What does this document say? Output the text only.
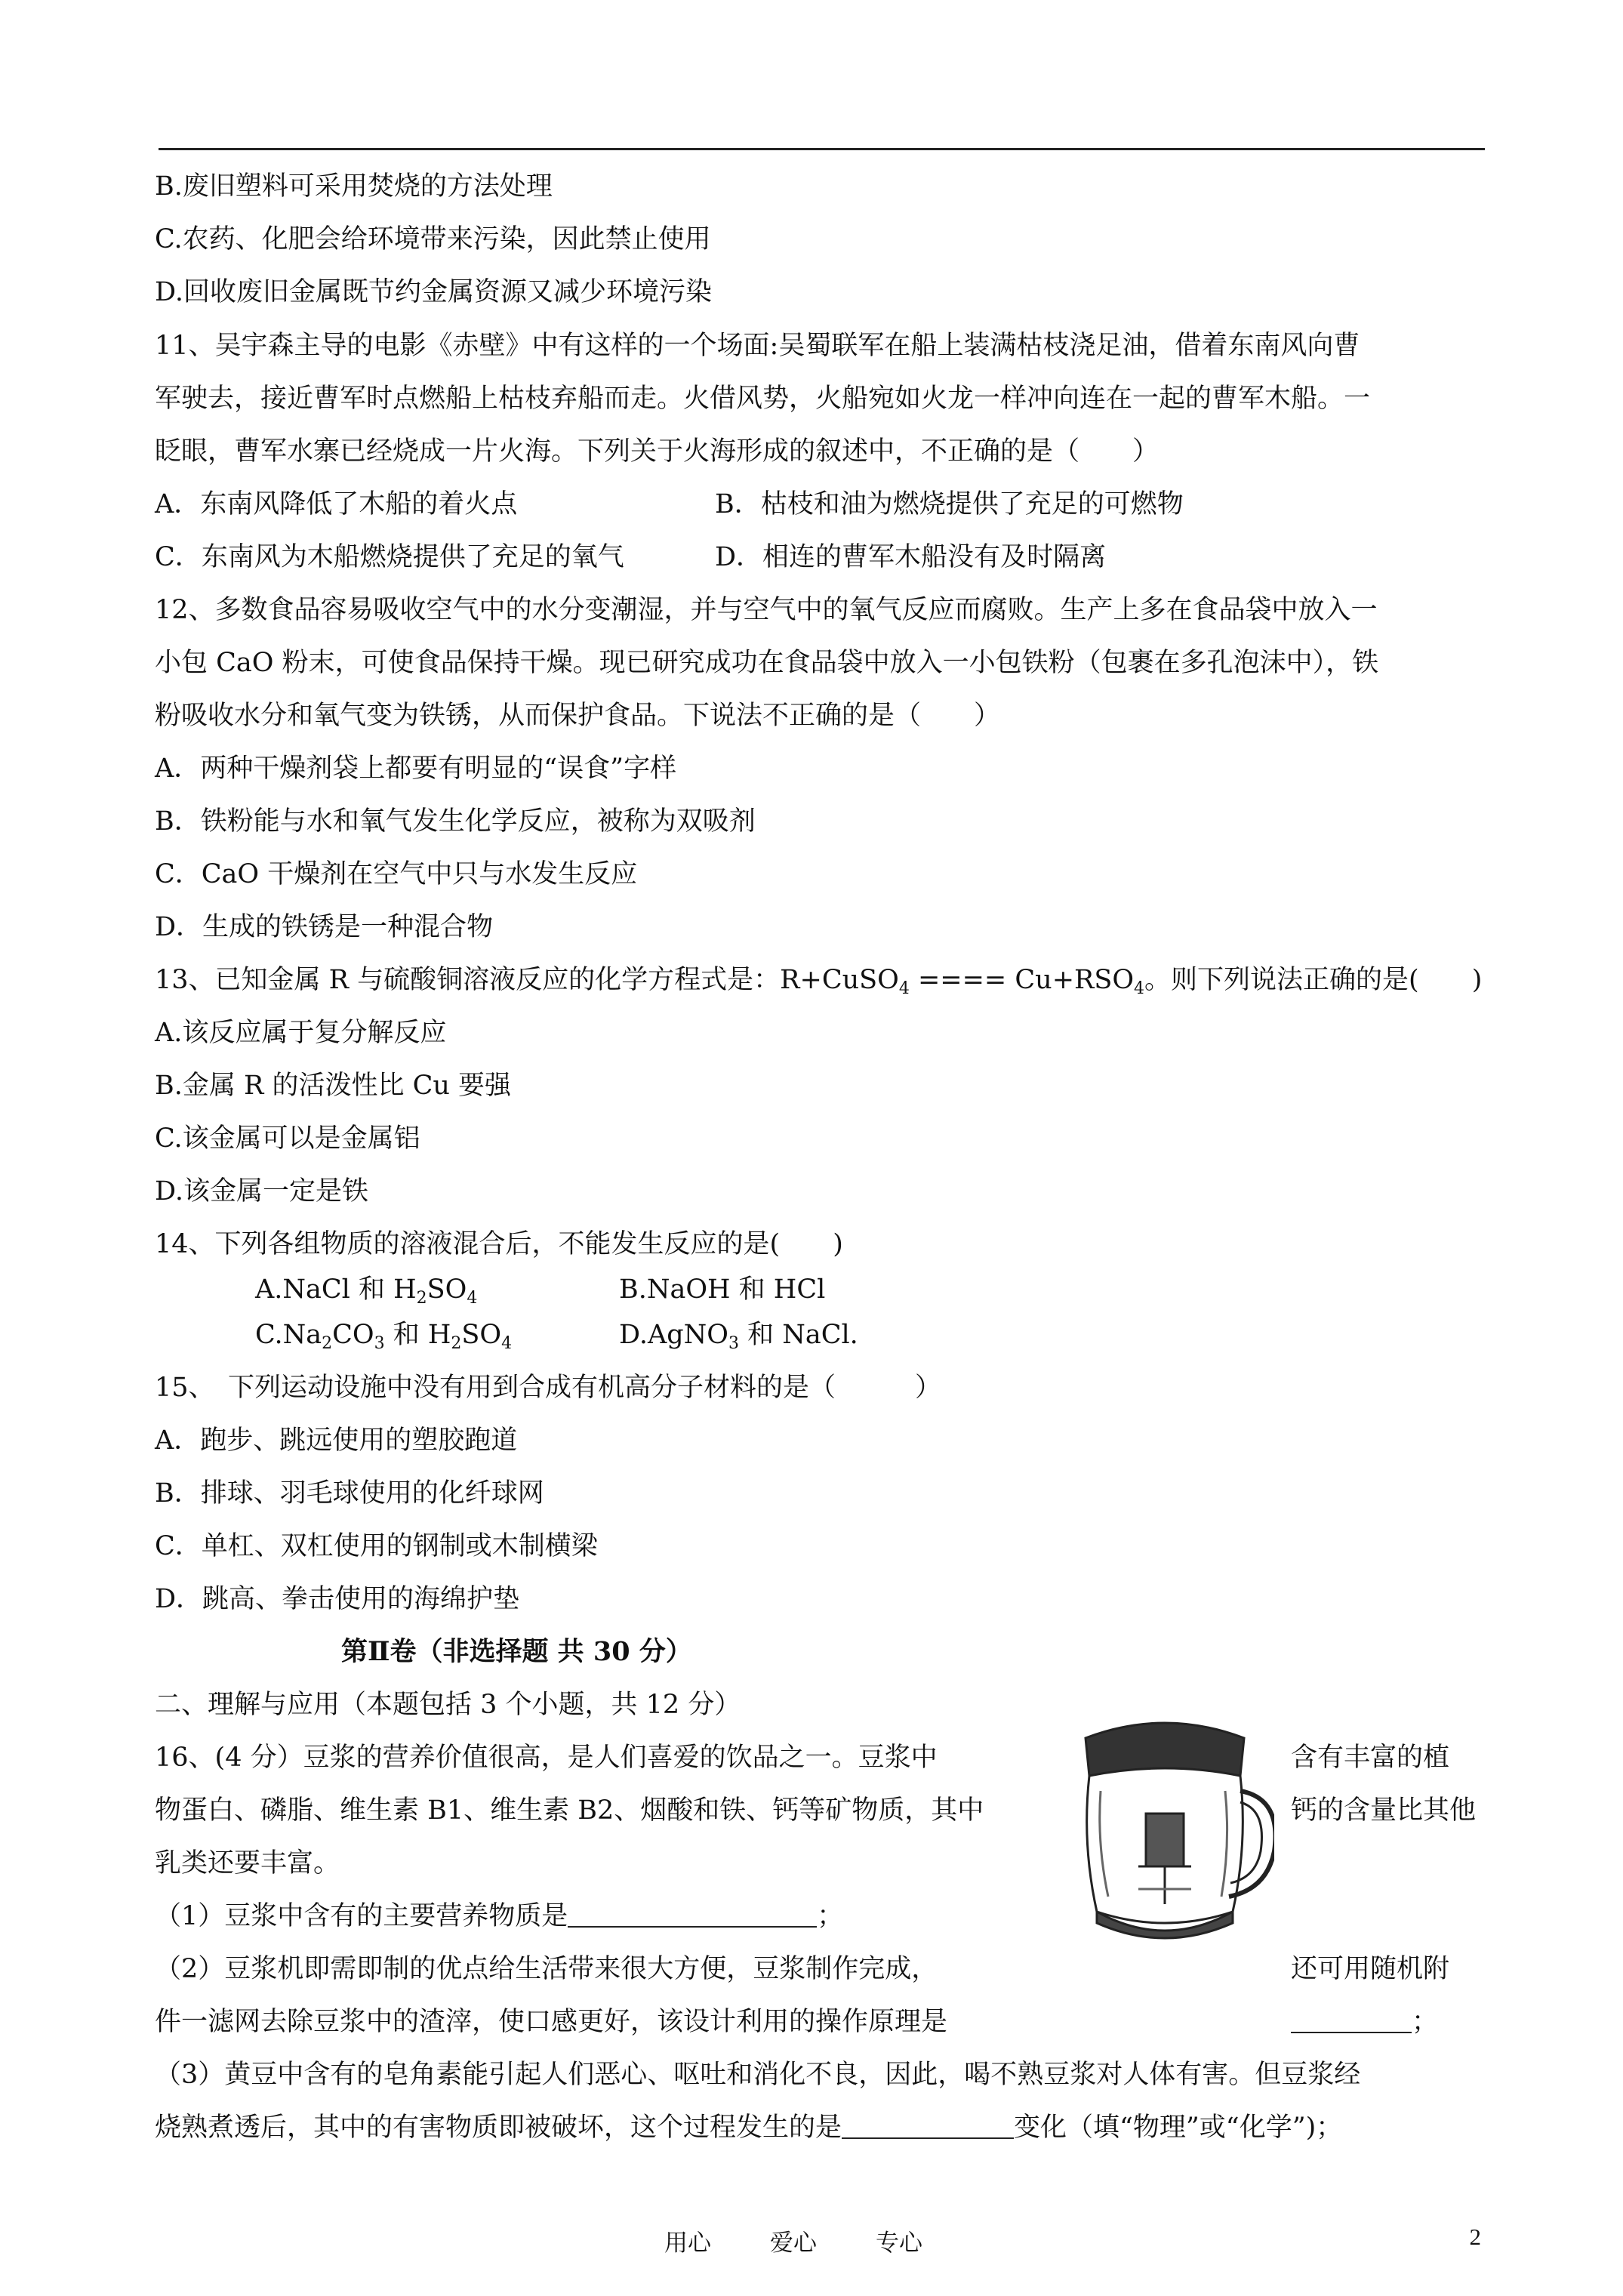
B.废旧塑料可采用焚烧的方法处理
C.农药、化肥会给环境带来污染，因此禁止使用
D.回收废旧金属既节约金属资源又减少环境污染
11、吴宇森主导的电影《赤壁》中有这样的一个场面:吴蜀联军在船上装满枯枝浇足油，借着东南风向曹
军驶去，接近曹军时点燃船上枯枝弃船而走。火借风势，火船宛如火龙一样冲向连在一起的曹军木船。一
眨眼，曹军水寨已经烧成一片火海。下列关于火海形成的叙述中，不正确的是（　　）
A．东南风降低了木船的着火点	B．枯枝和油为燃烧提供了充足的可燃物
C．东南风为木船燃烧提供了充足的氧气	D．相连的曹军木船没有及时隔离
12、多数食品容易吸收空气中的水分变潮湿，并与空气中的氧气反应而腐败。生产上多在食品袋中放入一
小包 CaO 粉末，可使食品保持干燥。现已研究成功在食品袋中放入一小包铁粉（包裹在多孔泡沫中），铁
粉吸收水分和氧气变为铁锈，从而保护食品。下说法不正确的是（　　）
A．两种干燥剂袋上都要有明显的“误食”字样
B．铁粉能与水和氧气发生化学反应，被称为双吸剂
C．CaO 干燥剂在空气中只与水发生反应
D．生成的铁锈是一种混合物
13、已知金属 R 与硫酸铜溶液反应的化学方程式是：R+CuSO$_4$ ==== $Cu+RSO_4$。则下列说法正确的是(　　)
A.该反应属于复分解反应
B.金属 R 的活泼性比 Cu 要强
C.该金属可以是金属铝
D.该金属一定是铁
14、下列各组物质的溶液混合后，不能发生反应的是(　　)
A.NaCl 和 $H_2SO_4$	B.NaOH 和 HCl
$C.Na_2CO_3$ 和 $H_2SO_4$	D.AgNO$_3$ 和 NaCl.
15、　下列运动设施中没有用到合成有机高分子材料的是（　　　）
A．跑步、跳远使用的塑胶跑道
B．排球、羽毛球使用的化纤球网
C．单杠、双杠使用的钢制或木制横梁
D．跳高、拳击使用的海绵护垫
第Ⅱ卷（非选择题 共 30 分）
二、理解与应用（本题包括 3 个小题，共 12 分）
16、(4 分）豆浆的营养价值很高，是人们喜爱的饮品之一。豆浆中	含有丰富的植
物蛋白、磷脂、维生素 B1、维生素 B2、烟酸和铁、钙等矿物质，其中	钙的含量比其他
乳类还要丰富。
（1）豆浆中含有的主要营养物质是	；
（2）豆浆机即需即制的优点给生活带来很大方便，豆浆制作完成，	还可用随机附
件一滤网去除豆浆中的渣滓，使口感更好，该设计利用的操作原理是	；
（3）黄豆中含有的皂角素能引起人们恶心、呕吐和消化不良，因此，喝不熟豆浆对人体有害。但豆浆经
烧熟煮透后，其中的有害物质即被破坏，这个过程发生的是	变化（填“物理”或“化学”)；
用心	爱心	专心	2
